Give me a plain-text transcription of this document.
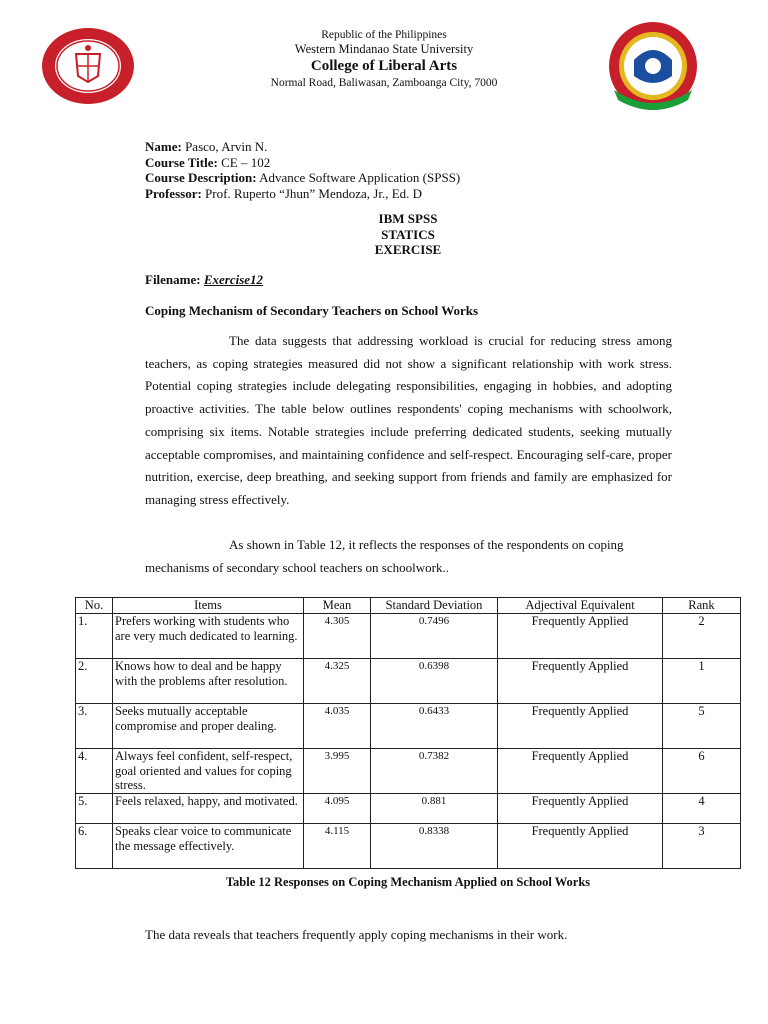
Republic of the Philippines
Western Mindanao State University
College of Liberal Arts
Normal Road, Baliwasan, Zamboanga City, 7000
Name: Pasco, Arvin N.
Course Title: CE – 102
Course Description: Advance Software Application (SPSS)
Professor: Prof. Ruperto “Jhun” Mendoza, Jr., Ed. D
IBM SPSS
STATICS
EXERCISE
Filename: Exercise12
Coping Mechanism of Secondary Teachers on School Works
The data suggests that addressing workload is crucial for reducing stress among teachers, as coping strategies measured did not show a significant relationship with work stress. Potential coping strategies include delegating responsibilities, engaging in hobbies, and adopting proactive activities. The table below outlines respondents' coping mechanisms with schoolwork, comprising six items. Notable strategies include preferring dedicated students, seeking mutually acceptable compromises, and maintaining confidence and self-respect. Encouraging self-care, proper nutrition, exercise, deep breathing, and seeking support from friends and family are emphasized for managing stress effectively.
As shown in Table 12, it reflects the responses of the respondents on coping mechanisms of secondary school teachers on schoolwork..
No.	Items	Mean	Standard Deviation	Adjectival Equivalent	Rank
1.	Prefers working with students who are very much dedicated to learning.	4.305	0.7496	Frequently Applied	2
2.	Knows how to deal and be happy with the problems after resolution.	4.325	0.6398	Frequently Applied	1
3.	Seeks mutually acceptable compromise and proper dealing.	4.035	0.6433	Frequently Applied	5
4.	Always feel confident, self-respect, goal oriented and values for coping stress.	3.995	0.7382	Frequently Applied	6
5.	Feels relaxed, happy, and motivated.	4.095	0.881	Frequently Applied	4
6.	Speaks clear voice to communicate the message effectively.	4.115	0.8338	Frequently Applied	3
Table 12 Responses on Coping Mechanism Applied on School Works
The data reveals that teachers frequently apply coping mechanisms in their work.
